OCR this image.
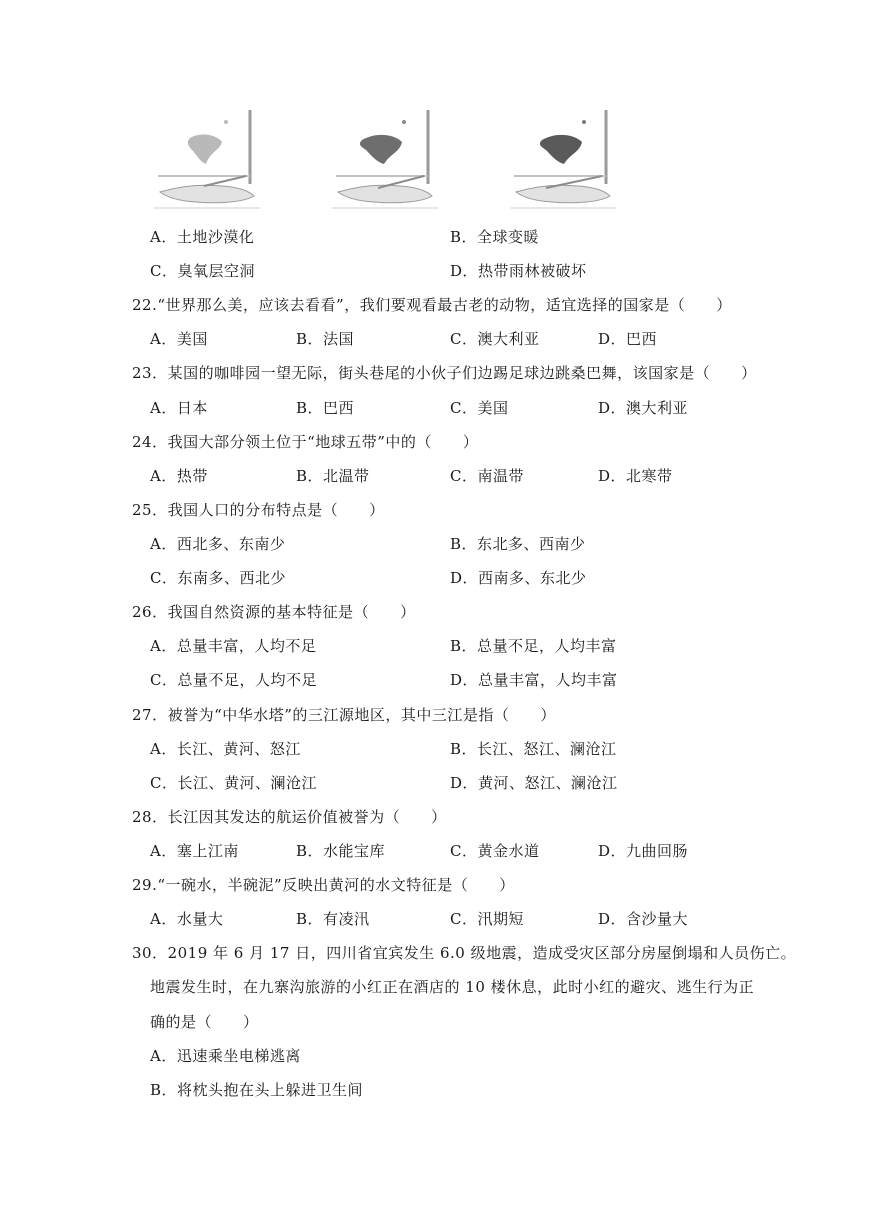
A．土地沙漠化	B．全球变暖
C．臭氧层空洞	D．热带雨林被破坏
22.“世界那么美，应该去看看”，我们要观看最古老的动物，适宜选择的国家是（　　）
A．美国	B．法国	C．澳大利亚	D．巴西
23．某国的咖啡园一望无际，街头巷尾的小伙子们边踢足球边跳桑巴舞，该国家是（　　）
A．日本	B．巴西	C．美国	D．澳大利亚
24．我国大部分领土位于“地球五带”中的（　　）
A．热带	B．北温带	C．南温带	D．北寒带
25．我国人口的分布特点是（　　）
A．西北多、东南少	B．东北多、西南少
C．东南多、西北少	D．西南多、东北少
26．我国自然资源的基本特征是（　　）
A．总量丰富，人均不足	B．总量不足，人均丰富
C．总量不足，人均不足	D．总量丰富，人均丰富
27．被誉为“中华水塔”的三江源地区，其中三江是指（　　）
A．长江、黄河、怒江	B．长江、怒江、澜沧江
C．长江、黄河、澜沧江	D．黄河、怒江、澜沧江
28．长江因其发达的航运价值被誉为（　　）
A．塞上江南	B．水能宝库	C．黄金水道	D．九曲回肠
29.“一碗水，半碗泥”反映出黄河的水文特征是（　　）
A．水量大	B．有凌汛	C．汛期短	D．含沙量大
30．2019 年 6 月 17 日，四川省宜宾发生 6.0 级地震，造成受灾区部分房屋倒塌和人员伤亡。
地震发生时，在九寨沟旅游的小红正在酒店的 10 楼休息，此时小红的避灾、逃生行为正
确的是（　　）
A．迅速乘坐电梯逃离
B．将枕头抱在头上躲进卫生间
